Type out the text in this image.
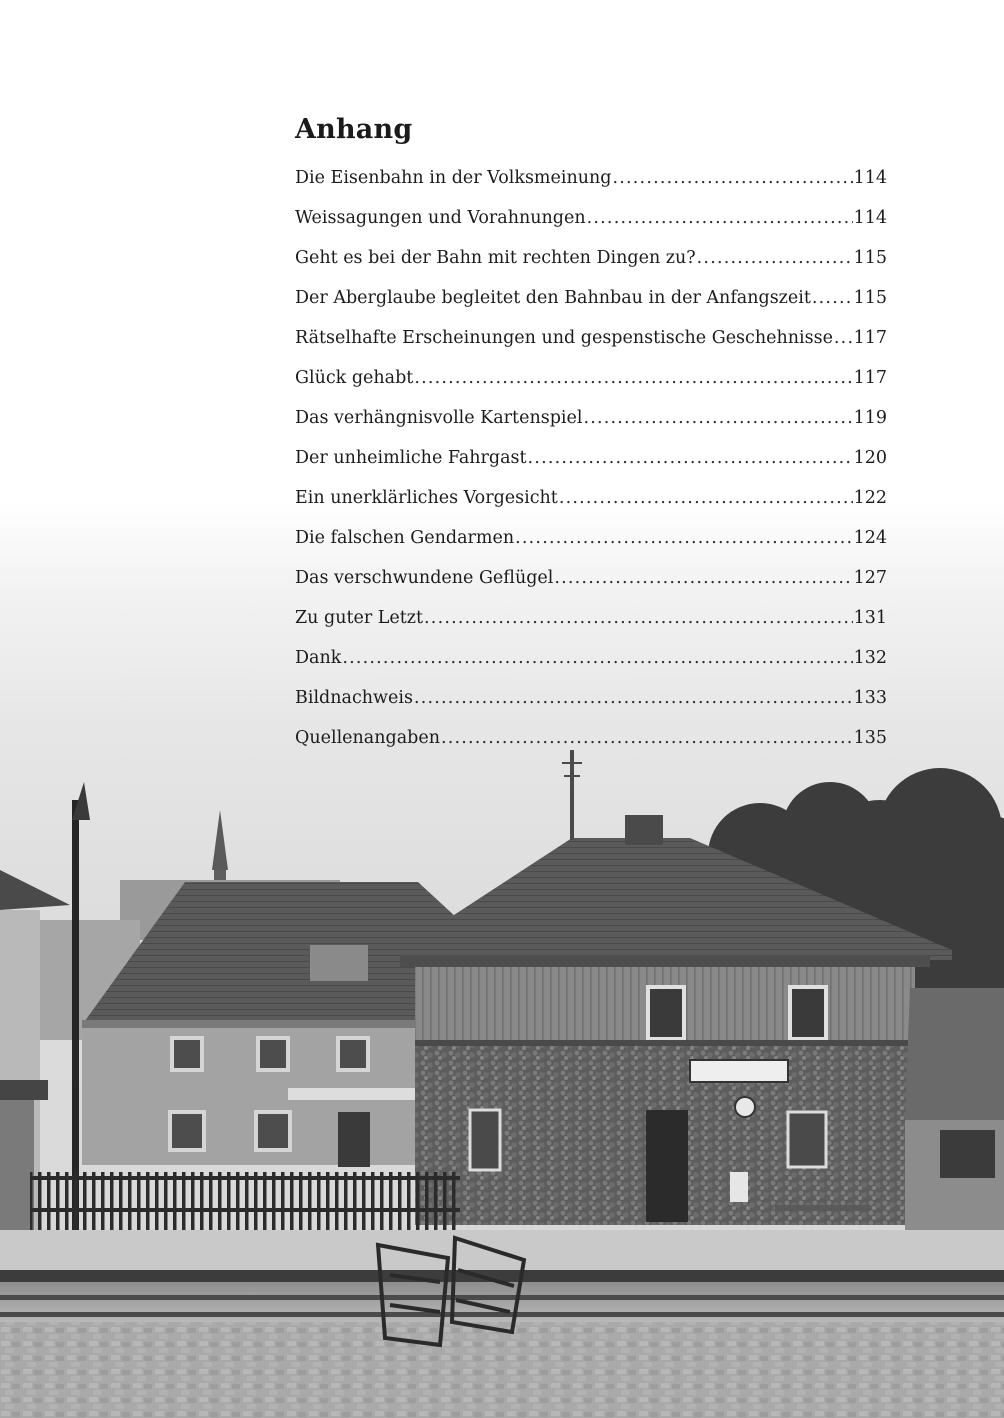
Anhang
Die Eisenbahn in der Volksmeinung .....	114
Weissagungen und Vorahnungen .....	114
Geht es bei der Bahn mit rechten Dingen zu? .....	115
Der Aberglaube begleitet den Bahnbau in der Anfangszeit ..... 115
Rätselhafte Erscheinungen und gespenstische Geschehnisse ..... 117
Glück gehabt .....	117
Das verhängnisvolle Kartenspiel .....	119
Der unheimliche Fahrgast .....	120
Ein unerklärliches Vorgesicht .....	122
Die falschen Gendarmen .....	124
Das verschwundene Geflügel .....	127
Zu guter Letzt .....	131
Dank .....	132
Bildnachweis .....	133
Quellenangaben .....	135
